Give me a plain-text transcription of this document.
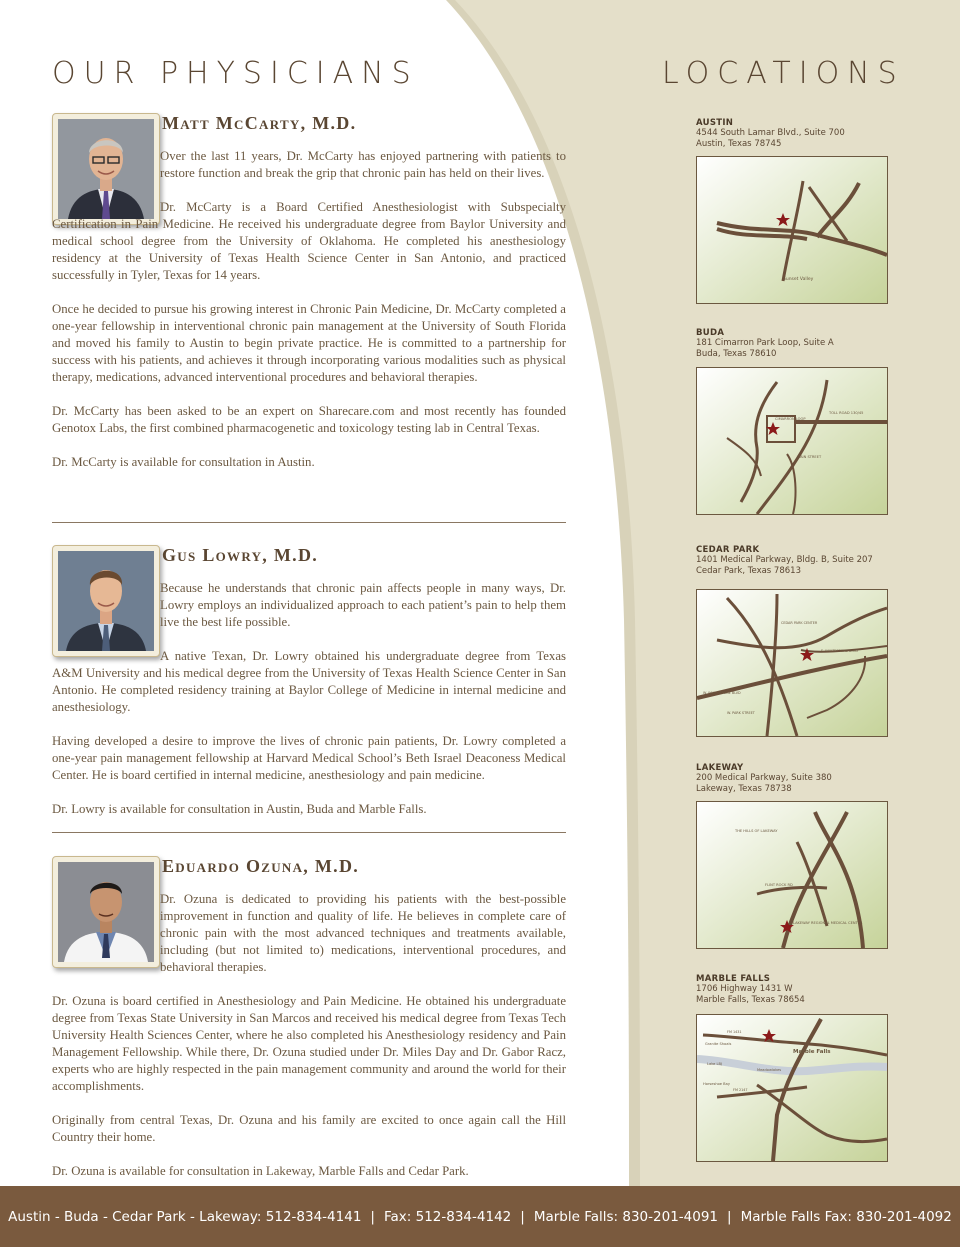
OUR PHYSICIANS	LOCATIONS
Matt McCarty, M.D.

Over the last 11 years, Dr. McCarty has enjoyed partnering with patients to restore function and break the grip that chronic pain has held on their lives.

Dr. McCarty is a Board Certified Anesthesiologist with Subspecialty Certification in Pain Medicine. He received his undergraduate degree from Baylor University and medical school degree from the University of Oklahoma. He completed his anesthesiology residency at the University of Texas Health Science Center in San Antonio, and practiced successfully in Tyler, Texas for 14 years.

Once he decided to pursue his growing interest in Chronic Pain Medicine, Dr. McCarty completed a one-year fellowship in interventional chronic pain management at the University of South Florida and moved his family to Austin to begin private practice. He is committed to a partnership for success with his patients, and achieves it through incorporating various modalities such as physical therapy, medications, advanced interventional procedures and behavioral therapies.

Dr. McCarty has been asked to be an expert on Sharecare.com and most recently has founded Genotox Labs, the first combined pharmacogenetic and toxicology testing lab in Central Texas.

Dr. McCarty is available for consultation in Austin.

Gus Lowry, M.D.

Because he understands that chronic pain affects people in many ways, Dr. Lowry employs an individualized approach to each patient’s pain to help them live the best life possible.

A native Texan, Dr. Lowry obtained his undergraduate degree from Texas A&M University and his medical degree from the University of Texas Health Science Center in San Antonio. He completed residency training at Baylor College of Medicine in internal medicine and anesthesiology.

Having developed a desire to improve the lives of chronic pain patients, Dr. Lowry completed a one-year pain management fellowship at Harvard Medical School’s Beth Israel Deaconess Medical Center. He is board certified in internal medicine, anesthesiology and pain medicine.

Dr. Lowry is available for consultation in Austin, Buda and Marble Falls.

Eduardo Ozuna, M.D.

Dr. Ozuna is dedicated to providing his patients with the best-possible improvement in function and quality of life. He believes in complete care of chronic pain with the most advanced techniques and treatments available, including (but not limited to) medications, interventional procedures, and behavioral therapies.

Dr. Ozuna is board certified in Anesthesiology and Pain Medicine. He obtained his undergraduate degree from Texas State University in San Marcos and received his medical degree from Texas Tech University Health Sciences Center, where he also completed his Anesthesiology residency and Pain Management Fellowship. While there, Dr. Ozuna studied under Dr. Miles Day and Dr. Gabor Racz, experts who are highly respected in the pain management community and around the world for their accomplishments.

Originally from central Texas, Dr. Ozuna and his family are excited to once again call the Hill Country their home.

Dr. Ozuna is available for consultation in Lakeway, Marble Falls and Cedar Park.

AUSTIN

4544 South Lamar Blvd., Suite 700

Austin, Texas 78745

Sunset Valley

BUDA

181 Cimarron Park Loop, Suite A

Buda, Texas 78610

CIMARRON LOOP
TOLL ROAD 130/45
MAIN STREET

CEDAR PARK

1401 Medical Parkway, Bldg. B, Suite 207

Cedar Park, Texas 78613

CEDAR PARK CENTER
E. WHITESTONE BLVD
W. WHITESTONE BLVD
W. PARK STREET

LAKEWAY

200 Medical Parkway, Suite 380

Lakeway, Texas 78738

THE HILLS OF LAKEWAY
FLINT ROCK RD
LAKEWAY REGIONAL MEDICAL CENTER

MARBLE FALLS

1706 Highway 1431 W

Marble Falls, Texas 78654

Granite Shoals
Marble Falls
Lake LBJ
Meadowlakes
Horseshoe Bay
FM 1431
FM 2147
Austin - Buda - Cedar Park - Lakeway: 512-834-4141 | Fax: 512-834-4142 | Marble Falls: 830-201-4091 | Marble Falls Fax: 830-201-4092
